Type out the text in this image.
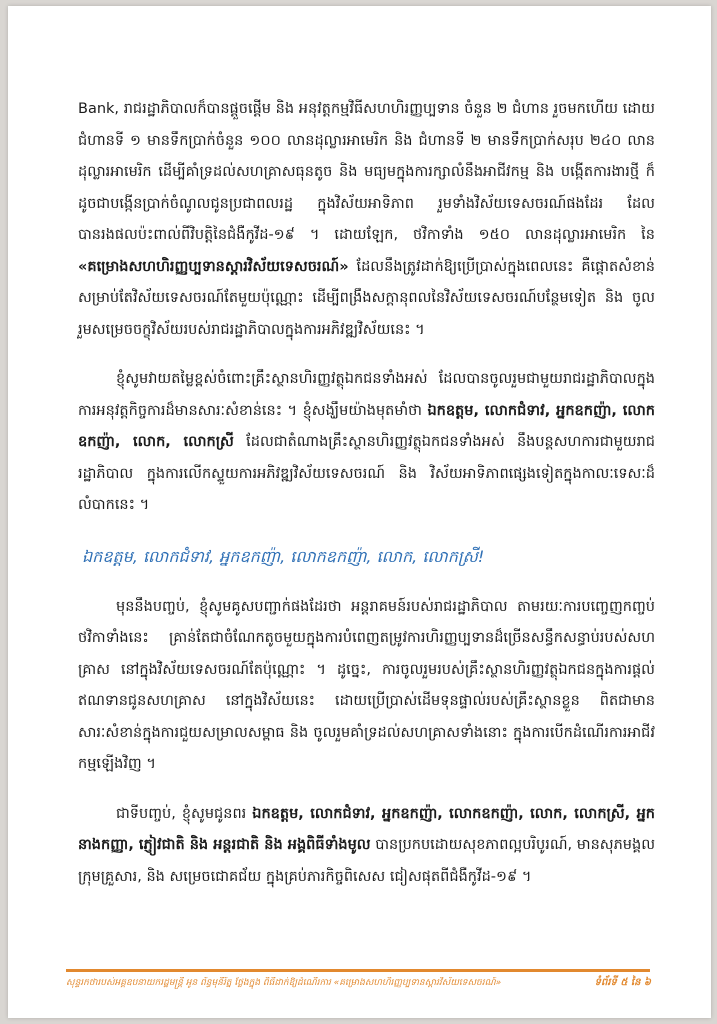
Bank, រាជរដ្ឋាភិបាលក៏បានផ្តួចផ្តើម និង អនុវត្តកម្មវិធីសហហិរញ្ញប្បទាន ចំនួន ២ ជំហាន រួចមកហើយ ដោយជំហានទី ១ មានទឹកប្រាក់ចំនួន ១០០ លានដុល្លារអាមេរិក និង ជំហានទី ២ មានទឹកប្រាក់សរុប ២៤០ លានដុល្លារអាមេរិក ដើម្បីគាំទ្រដល់សហគ្រាសធុនតូច និង មធ្យមក្នុងការក្សាលំនឹងអាជីវកម្ម និង បង្កើតការងារថ្មី ក៏ដូចជាបង្កើនប្រាក់ចំណូលជូនប្រជាពលរដ្ឋ ក្នុងវិស័យអាទិភាព រួមទាំងវិស័យទេសចរណ៍ផងដែរ ដែលបានរងផលប៉ះពាល់ពីវិបត្តិនៃជំងឺកូវីដ-១៩ ។ ដោយឡែក, ថវិកាទាំង ១៥០ លានដុល្លារអាមេរិក នៃ «គម្រោងសហហិរញ្ញប្បទានស្តារវិស័យទេសចរណ៍» ដែលនឹងត្រូវដាក់ឱ្យប្រើប្រាស់ក្នុងពេលនេះ គឺផ្តោតសំខាន់សម្រាប់តែវិស័យទេសចរណ៍តែមួយប៉ុណ្ណោះ ដើម្បីពង្រឹងសក្តានុពលនៃវិស័យទេសចរណ៍បន្ថែមទៀត និង ចូលរួមសម្រេចចក្ខុវិស័យរបស់រាជរដ្ឋាភិបាលក្នុងការអភិវឌ្ឍវិស័យនេះ ។

ខ្ញុំសូមវាយតម្លៃខ្ពស់ចំពោះគ្រឹះស្ថានហិរញ្ញវត្ថុឯកជនទាំងអស់ ដែលបានចូលរួមជាមួយរាជរដ្ឋាភិបាលក្នុងការអនុវត្តកិច្ចការដ៏មានសារៈសំខាន់នេះ ។ ខ្ញុំសង្ឃឹមយ៉ាងមុតមាំថា ឯកឧត្តម, លោកជំទាវ, អ្នកឧកញ៉ា, លោកឧកញ៉ា, លោក, លោកស្រី ដែលជាតំណាងគ្រឹះស្ថានហិរញ្ញវត្ថុឯកជនទាំងអស់ នឹងបន្តសហការជាមួយរាជរដ្ឋាភិបាល ក្នុងការលើកស្ទួយការអភិវឌ្ឍវិស័យទេសចរណ៍ និង វិស័យអាទិភាពផ្សេងទៀតក្នុងកាលៈទេសៈដ៏លំបាកនេះ ។

ឯកឧត្តម, លោកជំទាវ, អ្នកឧកញ៉ា, លោកឧកញ៉ា, លោក, លោកស្រី!

មុននឹងបញ្ចប់, ខ្ញុំសូមគូសបញ្ជាក់ផងដែរថា អន្តរាគមន៍របស់រាជរដ្ឋាភិបាល តាមរយៈការបញ្ចេញកញ្ចប់ថវិកាទាំងនេះ គ្រាន់តែជាចំណែកតូចមួយក្នុងការបំពេញតម្រូវការហិរញ្ញប្បទានដ៏ច្រើនសន្ធឹកសន្ធាប់របស់សហគ្រាស នៅក្នុងវិស័យទេសចរណ៍តែប៉ុណ្ណោះ ។ ដូច្នេះ, ការចូលរួមរបស់គ្រឹះស្ថានហិរញ្ញវត្ថុឯកជនក្នុងការផ្តល់ឥណទានជូនសហគ្រាស នៅក្នុងវិស័យនេះ ដោយប្រើប្រាស់ដើមទុនផ្ទាល់របស់គ្រឹះស្ថានខ្លួន ពិតជាមានសារៈសំខាន់ក្នុងការជួយសម្រាលសម្ពាធ និង ចូលរួមគាំទ្រដល់សហគ្រាសទាំងនោះ ក្នុងការបើកដំណើរការអាជីវកម្មឡើងវិញ ។

ជាទីបញ្ចប់, ខ្ញុំសូមជូនពរ ឯកឧត្តម, លោកជំទាវ, អ្នកឧកញ៉ា, លោកឧកញ៉ា, លោក, លោកស្រី, អ្នកនាងកញ្ញា, ភ្ញៀវជាតិ និង អន្តរជាតិ និង អង្គពិធីទាំងមូល បានប្រកបដោយសុខភាពល្អបរិបូរណ៍, មានសុភមង្គលក្រុមគ្រួសារ, និង សម្រេចជោគជ័យ ក្នុងគ្រប់ភារកិច្ចពិសេស ជៀសផុតពីជំងឺកូវីដ-១៩ ។

សុន្ទរកថារបស់អគ្គឧបនាយករដ្ឋមន្ត្រី អូន ព័ន្ធមុនីរ័ត្ន ថ្លែងក្នុង ពិធីដាក់ឱ្យដំណើរការ «គម្រោងសហហិរញ្ញប្បទានស្តារវិស័យទេសចរណ៍»	ទំព័រទី ៥ នៃ ៦
